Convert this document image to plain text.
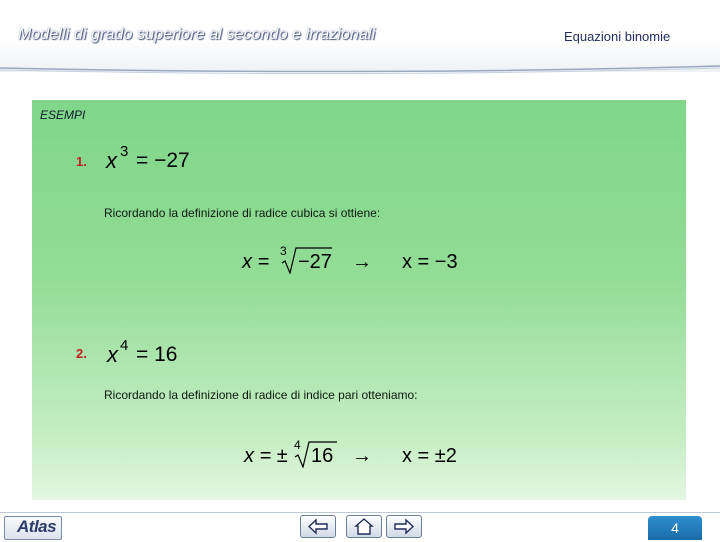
Modelli di grado superiore al secondo e irrazionali	Equazioni binomie
ESEMPI
1. x 3 = −27
Ricordando la definizione di radice cubica si ottiene:
x = 3 −27 → x = −3
2. x 4 = 16
Ricordando la definizione di radice di indice pari otteniamo:
x = ± 4 16 → x = ±2
Atlas	4
